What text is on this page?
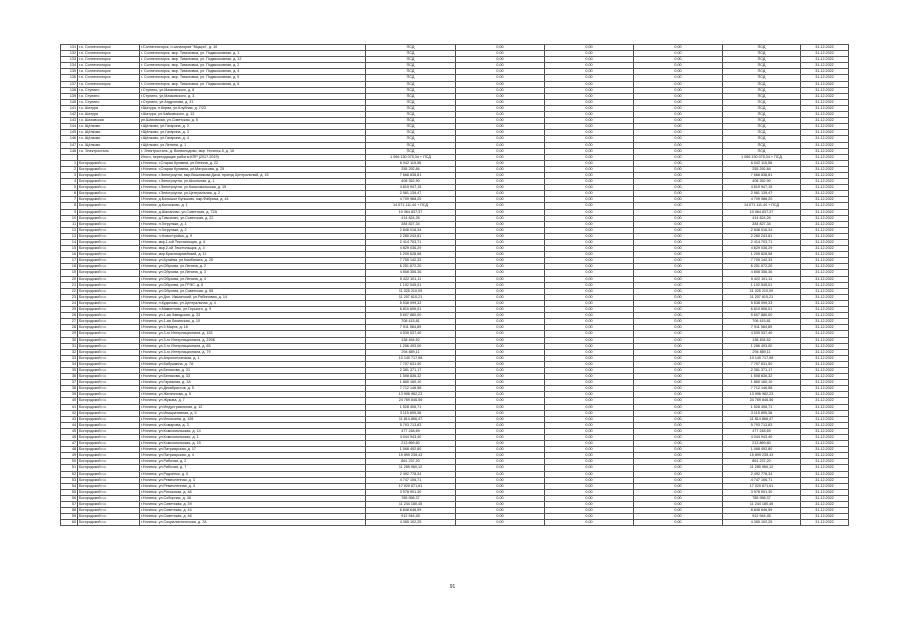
131	г.о. Солнечногорск	г.Солнечногорск, п.санатория "Мцыри", д. 10	ПСД	0,00	0,00	0,00	ПСД	31.12.2022
132	г.о. Солнечногорск	г. Солнечногорск, мкр. Тимоховка, ул. Подмосковная, д. 1	ПСД	0,00	0,00	0,00	ПСД	31.12.2022
133	г.о. Солнечногорск	г. Солнечногорск, мкр. Тимоховка, ул. Подмосковная, д. 12	ПСД	0,00	0,00	0,00	ПСД	31.12.2022
134	г.о. Солнечногорск	г. Солнечногорск, мкр. Тимоховка, ул. Подмосковная, д. 2	ПСД	0,00	0,00	0,00	ПСД	31.12.2022
135	г.о. Солнечногорск	г. Солнечногорск, мкр. Тимоховка, ул. Подмосковная, д. 4	ПСД	0,00	0,00	0,00	ПСД	31.12.2022
136	г.о. Солнечногорск	г. Солнечногорск, мкр. Тимоховка, ул. Подмосковная, д. 5	ПСД	0,00	0,00	0,00	ПСД	31.12.2022
137	г.о. Солнечногорск	г. Солнечногорск, мкр. Тимоховка, ул. Подмосковная, д. 6	ПСД	0,00	0,00	0,00	ПСД	31.12.2022
138	г.о. Ступино	г.Ступино, ул.Маяковского, д. 8	ПСД	0,00	0,00	0,00	ПСД	31.12.2022
139	г.о. Ступино	г.Ступино, ул.Маяковского, д. 3	ПСД	0,00	0,00	0,00	ПСД	31.12.2022
140	г.о. Ступино	г.Ступино, ул.Андропова, д. 31	ПСД	0,00	0,00	0,00	ПСД	31.12.2022
141	г.о. Шатура	г.Шатура, п.Керва, ул.Клубная, д. 7/23	ПСД	0,00	0,00	0,00	ПСД	31.12.2022
142	г.о. Шатура	г.Шатура, ул.Чайковского, д. 12	ПСД	0,00	0,00	0,00	ПСД	31.12.2022
143	г.о. Шаховская	рп.Шаховская, ул.Советская, д. 5	ПСД	0,00	0,00	0,00	ПСД	31.12.2022
144	г.о. Щёлково	г.Щёлково, ул.Гагарина, д. 2	ПСД	0,00	0,00	0,00	ПСД	31.12.2022
145	г.о. Щёлково	г.Щёлково, ул.Гагарина, д. 3	ПСД	0,00	0,00	0,00	ПСД	31.12.2022
146	г.о. Щёлково	г.Щёлково, ул.Гагарина, д. 4	ПСД	0,00	0,00	0,00	ПСД	31.12.2022
147	г.о. Щёлково	г.Щёлково, ул.Ленина, д. 1	ПСД	0,00	0,00	0,00	ПСД	31.12.2022
148	г.о. Электросталь	г. Электросталь, д. Всеволодово, мкр. Ногинск-5, д. 16	ПСД	0,00	0,00	0,00	ПСД	31.12.2022
		Итого, переходящие работы КПР (2017-2019)	1 056 130 075,34 + ПСД	0,00	0,00	0,00	1 056 130 075,34 + ПСД	31.12.2022
1	Богородский г.о.	г.Ногинск, г.Старая Купавна, ул.Ленина, д. 22	6 042 115,56	0,00	0,00	0,00	6 042 115,56	31.12.2022
2	Богородский г.о.	г.Ногинск, г.Старая Купавна, ул.Матросова, д. 25	255 292,84	0,00	0,00	0,00	255 292,84	31.12.2022
3	Богородский г.о.	г.Ногинск, г.Электроугли, мкр.Вишнякова Дача, проезд Центральный, д. 15	7 668 838,81	0,00	0,00	0,00	7 668 838,81	31.12.2022
4	Богородский г.о.	г.Ногинск, г.Электроугли, ул.Школьная, д. 1	408 352,90	0,00	0,00	0,00	408 352,90	31.12.2022
5	Богородский г.о.	г.Ногинск, г.Электроугли, ул.Комсомольская, д. 15	4 819 947,15	0,00	0,00	0,00	4 819 947,15	31.12.2022
6	Богородский г.о.	г.Ногинск, г.Электроугли, ул.Центральная, д. 2	2 981 139,47	0,00	0,00	0,00	2 981 139,47	31.12.2022
7	Богородский г.о.	г.Ногинск, д.Большое Буньково, мкр.Фабрика, д. 44	4 709 988,20	0,00	0,00	0,00	4 709 988,20	31.12.2022
8	Богородский г.о.	г.Ногинск, д.Кососково, д. 1	14 071 111,44 + ПСД	0,00	0,00	0,00	14 071 111,44 + ПСД	31.12.2022
9	Богородский г.о.	г.Ногинск, д.Шаланово, ул.Советская, д. 72А	10 064 837,37	0,00	0,00	0,00	10 064 837,37	31.12.2022
10	Богородский г.о.	г.Ногинск, д.Тимохово, ул.Советская, д. 22	414 824,26	0,00	0,00	0,00	414 824,26	31.12.2022
11	Богородский г.о.	г.Ногинск, п.Гигрульки, д. 1	284 827,34	0,00	0,00	0,00	284 827,34	31.12.2022
12	Богородский г.о.	г.Ногинск, п.Гигрульки, д. 2	2 848 016,34	0,00	0,00	0,00	2 848 016,34	31.12.2022
13	Богородский г.о.	г.Ногинск, п.Новостройка, д. 9	2 280 243,81	0,00	0,00	0,00	2 280 243,81	31.12.2022
14	Богородский г.о.	г.Ногинск, мкр.1-ый Текстильщик, д. 6	2 414 703,71	0,00	0,00	0,00	2 414 703,71	31.12.2022
15	Богородский г.о.	г.Ногинск, мкр.2-ой Текстильщик, д. 4	4 829 036,29	0,00	0,00	0,00	4 829 036,29	31.12.2022
16	Богородский г.о.	г.Ногинск, мкр.Красноармейский, д. 11	1 209 628,58	0,00	0,00	0,00	1 209 628,58	31.12.2022
17	Богородский г.о.	г.Ногинск, ул.Бугаёва, ул.Комбината, д. 25	7 705 142,33	0,00	0,00	0,00	7 705 142,33	31.12.2022
18	Богородский г.о.	г.Ногинск, ул.Обухова, ул.Ленина, д. 2	6 251 672,20	0,00	0,00	0,00	6 251 672,20	31.12.2022
19	Богородский г.о.	г.Ногинск, ул.Обухова, ул.Ленина, д. 3	4 808 356,36	0,00	0,00	0,00	4 808 356,36	31.12.2022
20	Богородский г.о.	г.Ногинск, ул.Обухова, ул.Ленина, д. 4	5 422 101,11	0,00	0,00	0,00	5 422 101,11	31.12.2022
21	Богородский г.о.	г.Ногинск, ул.Обухова, ул.ГРЭС, д. 6	1 102 545,01	0,00	0,00	0,00	1 102 545,01	31.12.2022
22	Богородский г.о.	г.Ногинск, ул.Обухова, ул.Советская, д. 65	11 025 210,09	0,00	0,00	0,00	11 025 210,09	31.12.2022
23	Богородский г.о.	г.Ногинск, ул.Доп. Икшинский, ул.Рябиновая, д. 14	11 207 610,21	0,00	0,00	0,00	11 207 610,21	31.12.2022
24	Богородский г.о.	г.Ногинск, п.Кудиново, ул.Центральная, д. 4	5 538 099,33	0,00	0,00	0,00	5 538 099,33	31.12.2022
25	Богородский г.о.	г.Ногинск, п.Мамонтово, ул.Горького, д. 9	6 810 606,01	0,00	0,00	0,00	6 810 606,01	31.12.2022
26	Богородский г.о.	г.Ногинск, ул.1-ая Заводская, д. 33	5 607 880,00	0,00	0,00	0,00	5 607 880,00	31.12.2022
27	Богородский г.о.	г.Ногинск, ул.1-ая Ликинская, д. 10	708 415,81	0,00	0,00	0,00	708 415,81	31.12.2022
28	Богородский г.о.	г.Ногинск, ул.3 Марта, д. 16	7 911 584,89	0,00	0,00	0,00	7 911 584,89	31.12.2022
29	Богородский г.о.	г.Ногинск, ул.3-го Интернационала, д. 153	4 539 537,40	0,00	0,00	0,00	4 539 537,40	31.12.2022
30	Богородский г.о.	г.Ногинск, ул.3-го Интернационала, д. 229Б	138 454,52	0,00	0,00	0,00	138 454,52	31.12.2022
31	Богородский г.о.	г.Ногинск, ул.3-го Интернационала, д. 65	1 266 493,00	0,00	0,00	0,00	1 266 493,00	31.12.2022
32	Богородский г.о.	г.Ногинск, ул.3-го Интернационала, д. 79	294 889,11	0,00	0,00	0,00	294 889,11	31.12.2022
33	Богородский г.о.	г.Ногинск, ул.Аэрологическая, д. 1	10 140 717,98	0,00	0,00	0,00	10 140 717,98	31.12.2022
34	Богородский г.о.	г.Ногинск, ул.Бабушкина, д. 7А	7 707 631,50	0,00	0,00	0,00	7 707 631,50	31.12.2022
35	Богородский г.о.	г.Ногинск, ул.Белякова, д. 31	2 381 371,17	0,00	0,00	0,00	2 381 371,17	31.12.2022
36	Богородский г.о.	г.Ногинск, ул.Белякова, д. 33	1 508 836,32	0,00	0,00	0,00	1 508 836,32	31.12.2022
37	Богородский г.о.	г.Ногинск, ул.Гаражная, д. 1А	1 860 160,10	0,00	0,00	0,00	1 860 160,10	31.12.2022
38	Богородский г.о.	г.Ногинск, ул.Декабристов, д. 5	7 712 146,58	0,00	0,00	0,00	7 712 146,58	31.12.2022
39	Богородский г.о.	г.Ногинск, ул.Железнова, д. 5	13 996 982,23	0,00	0,00	0,00	13 996 982,23	31.12.2022
40	Богородский г.о.	г.Ногинск, ул.Жукова, д. 7	24 769 846,56	0,00	0,00	0,00	24 769 846,56	31.12.2022
41	Богородский г.о.	г.Ногинск, ул.Индустриальная, д. 12	1 528 406,71	0,00	0,00	0,00	1 528 406,71	31.12.2022
42	Богородский г.о.	г.Ногинск, ул.Инициативная, д. 5	3 115 895,38	0,00	0,00	0,00	3 115 895,38	31.12.2022
43	Богородский г.о.	г.Ногинск, ул.Ильюхина, д. 128	11 814 866,47	0,00	0,00	0,00	11 814 866,47	31.12.2022
44	Богородский г.о.	г.Ногинск, ул.Комарова, д. 3	5 793 713,83	0,00	0,00	0,00	5 793 713,83	31.12.2022
45	Богородский г.о.	г.Ногинск, ул.Комсомольская, д. 14	477 248,69	0,00	0,00	0,00	477 248,69	31.12.2022
46	Богородский г.о.	г.Ногинск, ул.Комсомольская, д. 1	4 044 943,40	0,00	0,00	0,00	4 044 943,40	31.12.2022
47	Богородский г.о.	г.Ногинск, ул.Комсомольская, д. 15	213 869,60	0,00	0,00	0,00	213 869,60	31.12.2022
48	Богородский г.о.	г.Ногинск, ул.Патриарская, д. 17	1 068 492,80	0,00	0,00	0,00	1 068 492,80	31.12.2022
49	Богородский г.о.	г.Ногинск, ул.Патриарская, д. 4	15 899 235,43	0,00	0,00	0,00	15 899 235,43	31.12.2022
50	Богородский г.о.	г.Ногинск, ул.Рабочая, д. 2	861 237,20	0,00	0,00	0,00	861 237,20	31.12.2022
51	Богородский г.о.	г.Ногинск, ул.Рабочая, д. 7	11 285 960,12	0,00	0,00	0,00	11 285 960,12	31.12.2022
52	Богородский г.о.	г.Ногинск, ул.Радченко, д. 5	2 492 778,34	0,00	0,00	0,00	2 492 778,34	31.12.2022
53	Богородский г.о.	г.Ногинск, ул.Ремесленная, д. 3	4 747 106,71	0,00	0,00	0,00	4 747 106,71	31.12.2022
54	Богородский г.о.	г.Ногинск, ул.Ремесленная, д. 4	17 020 671,61	0,00	0,00	0,00	17 020 671,61	31.12.2022
55	Богородский г.о.	г.Ногинск, ул.Рогожская, д. 48	3 978 901,30	0,00	0,00	0,00	3 978 901,30	31.12.2022
56	Богородский г.о.	г.Ногинск, ул.Соборная, д. 48	785 958,37	0,00	0,00	0,00	785 958,37	31.12.2022
57	Богородский г.о.	г.Ногинск, ул.Советская, д. 39	11 244 180,45	0,00	0,00	0,00	11 244 180,45	31.12.2022
58	Богородский г.о.	г.Ногинск, ул.Советская, д. 44	8 848 646,59	0,00	0,00	0,00	8 848 646,59	31.12.2022
59	Богородский г.о.	г.Ногинск, ул.Советская, д. 46	912 944,45	0,00	0,00	0,00	912 944,45	31.12.2022
60	Богородский г.о.	г.Ногинск, ул.Социалистическая, д. 7А	4 365 102,25	0,00	0,00	0,00	4 365 102,25	31.12.2022
91
